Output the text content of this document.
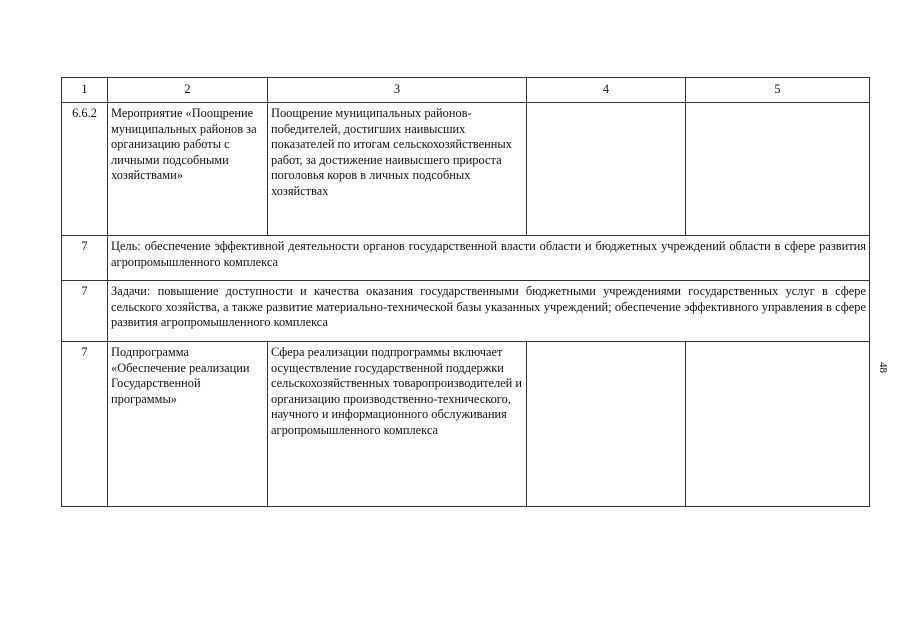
1	2	3	4	5
6.6.2	Мероприятие «Поощрение муниципальных районов за организацию работы с личными подсобными хозяйствами»	Поощрение муниципальных районов-победителей, достигших наивысших показателей по итогам сельскохозяйственных работ, за достижение наивысшего прироста поголовья коров в личных подсобных хозяйствах		
7	Цель: обеспечение эффективной деятельности органов государственной власти области и бюджетных учреждений области в сфере развития агропромышленного комплекса			
7	Задачи: повышение доступности и качества оказания государственными бюджетными учреждениями государственных услуг в сфере сельского хозяйства, а также развитие материально-технической базы указанных учреждений; обеспечение эффективного управления в сфере развития агропромышленного комплекса			
7	Подпрограмма «Обеспечение реализации Государственной программы»	Сфера реализации подпрограммы включает осуществление государственной поддержки сельскохозяйственных товаропроизводителей и организацию производственно-технического, научного и информационного обслуживания агропромышленного комплекса		
48
